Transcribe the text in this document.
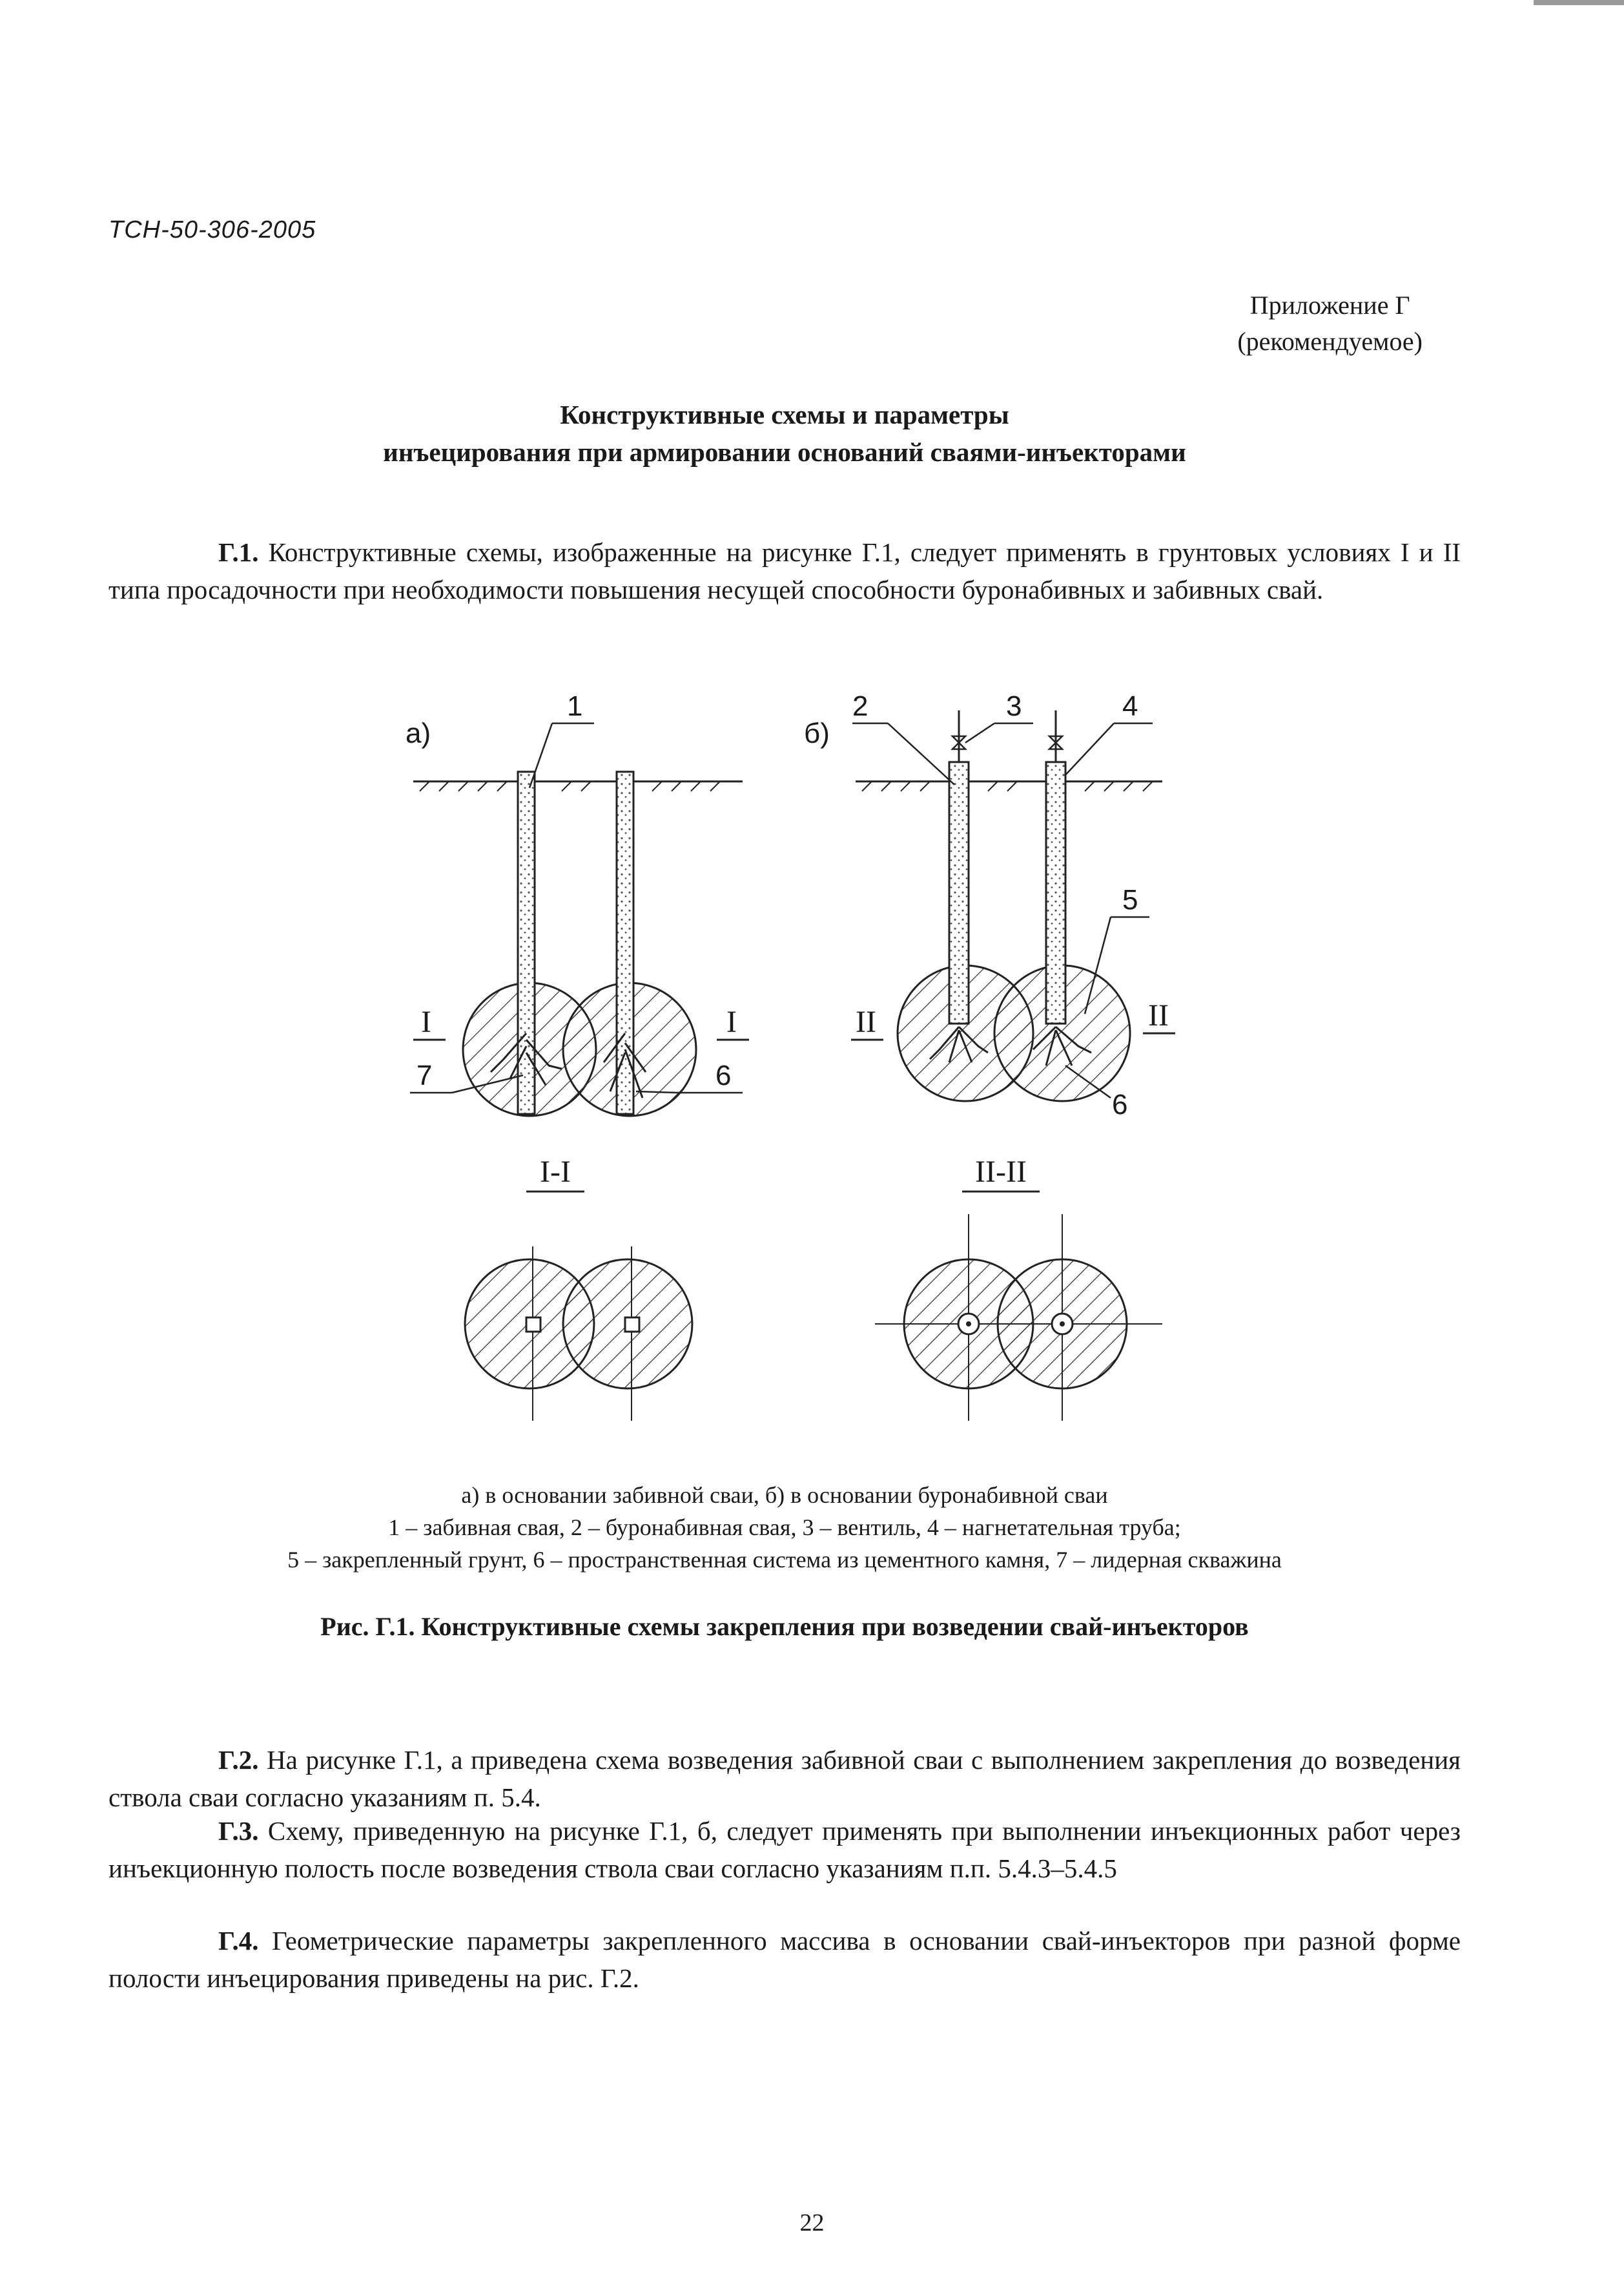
ТСН-50-306-2005
Приложение Г
(рекомендуемое)
Конструктивные схемы и параметры
инъецирования при армировании оснований сваями-инъекторами

Г.1. Конструктивные схемы, изображенные на рисунке Г.1, следует применять в грунтовых условиях I и II типа просадочности при необходимости повышения несущей способности буронабивных и забивных свай.

а)
I	I
1
7	6
б)
II	II
2	3	4
5
6
I-I	II-II
а) в основании забивной сваи, б) в основании буронабивной сваи
1 – забивная свая, 2 – буронабивная свая, 3 – вентиль, 4 – нагнетательная труба;
5 – закрепленный грунт, 6 – пространственная система из цементного камня, 7 – лидерная скважина
Рис. Г.1. Конструктивные схемы закрепления при возведении свай-инъекторов

Г.2. На рисунке Г.1, а приведена схема возведения забивной сваи с выполнением закрепления до возведения ствола сваи согласно указаниям п. 5.4.

Г.3. Схему, приведенную на рисунке Г.1, б, следует применять при выполнении инъекционных работ через инъекционную полость после возведения ствола сваи согласно указаниям п.п. 5.4.3–5.4.5

Г.4. Геометрические параметры закрепленного массива в основании свай-инъекторов при разной форме полости инъецирования приведены на рис. Г.2.

22
